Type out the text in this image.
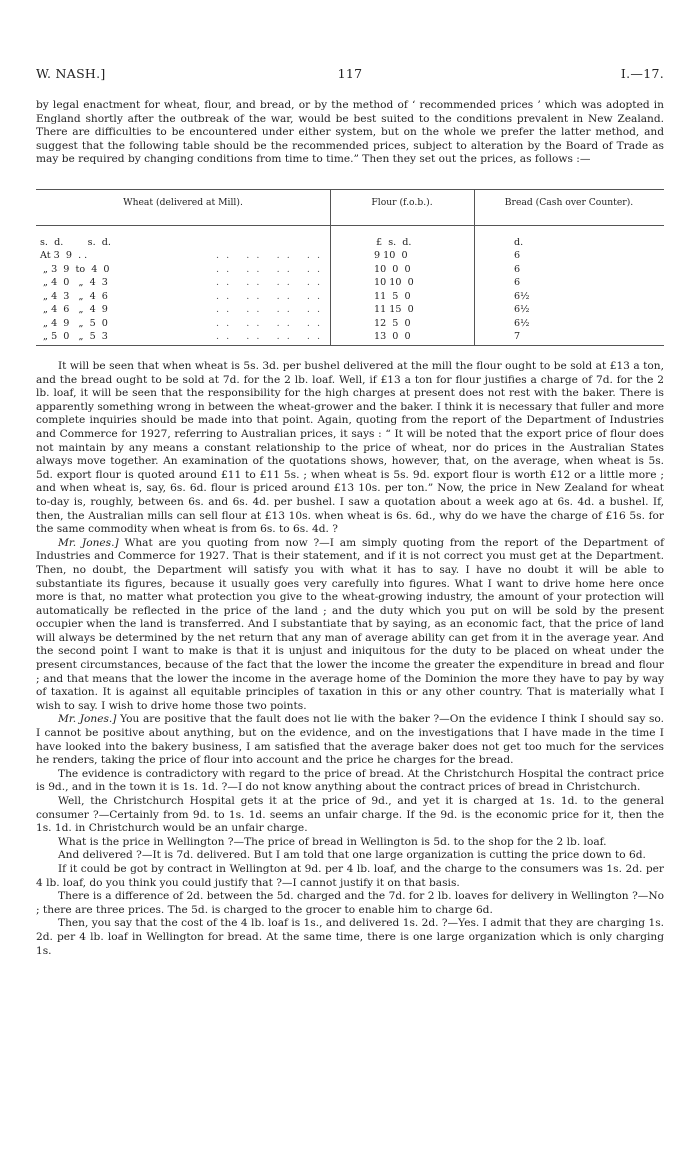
W. NASH.]	117	I.—17.
by legal enactment for wheat, flour, and bread, or by the method of ‘ recommended prices ’ which was adopted in England shortly after the outbreak of the war, would be best suited to the conditions prevalent in New Zealand. There are difficulties to be encountered under either system, but on the whole we prefer the latter method, and suggest that the following table should be the recommended prices, subject to alteration by the Board of Trade as may be required by changing conditions from time to time.” Then they set out the prices, as follows :—
Wheat (delivered at Mill).	Flour (f.o.b.).	Bread (Cash over Counter).
s.  d.        s.  d.	£  s.  d.	d.
At 3  9  . .	. .   . .   . .   . .	9 10  0	6
„ 3  9  to  4  0	. .   . .   . .   . .	10  0  0	6
„ 4  0   „  4  3	. .   . .   . .   . .	10 10  0	6
„ 4  3   „  4  6	. .   . .   . .   . .	11  5  0	6½
„ 4  6   „  4  9	. .   . .   . .   . .	11 15  0	6½
„ 4  9   „  5  0	. .   . .   . .   . .	12  5  0	6½
„ 5  0   „  5  3	. .   . .   . .   . .	13  0  0	7
It will be seen that when wheat is 5s. 3d. per bushel delivered at the mill the flour ought to be sold at £13 a ton, and the bread ought to be sold at 7d. for the 2 lb. loaf. Well, if £13 a ton for flour justifies a charge of 7d. for the 2 lb. loaf, it will be seen that the responsibility for the high charges at present does not rest with the baker. There is apparently something wrong in between the wheat-grower and the baker. I think it is necessary that fuller and more complete inquiries should be made into that point. Again, quoting from the report of the Department of Industries and Commerce for 1927, referring to Australian prices, it says : “ It will be noted that the export price of flour does not maintain by any means a constant relationship to the price of wheat, nor do prices in the Australian States always move together. An examination of the quotations shows, however, that, on the average, when wheat is 5s. 5d. export flour is quoted around £11 to £11 5s. ; when wheat is 5s. 9d. export flour is worth £12 or a little more ; and when wheat is, say, 6s. 6d. flour is priced around £13 10s. per ton.” Now, the price in New Zealand for wheat to-day is, roughly, between 6s. and 6s. 4d. per bushel. I saw a quotation about a week ago at 6s. 4d. a bushel. If, then, the Australian mills can sell flour at £13 10s. when wheat is 6s. 6d., why do we have the charge of £16 5s. for the same commodity when wheat is from 6s. to 6s. 4d. ?
Mr. Jones.] What are you quoting from now ?—I am simply quoting from the report of the Department of Industries and Commerce for 1927. That is their statement, and if it is not correct you must get at the Department. Then, no doubt, the Department will satisfy you with what it has to say. I have no doubt it will be able to substantiate its figures, because it usually goes very carefully into figures. What I want to drive home here once more is that, no matter what protection you give to the wheat-growing industry, the amount of your protection will automatically be reflected in the price of the land ; and the duty which you put on will be sold by the present occupier when the land is transferred. And I substantiate that by saying, as an economic fact, that the price of land will always be determined by the net return that any man of average ability can get from it in the average year. And the second point I want to make is that it is unjust and iniquitous for the duty to be placed on wheat under the present circumstances, because of the fact that the lower the income the greater the expenditure in bread and flour ; and that means that the lower the income in the average home of the Dominion the more they have to pay by way of taxation. It is against all equitable principles of taxation in this or any other country. That is materially what I wish to say. I wish to drive home those two points.
Mr. Jones.] You are positive that the fault does not lie with the baker ?—On the evidence I think I should say so. I cannot be positive about anything, but on the evidence, and on the investigations that I have made in the time I have looked into the bakery business, I am satisfied that the average baker does not get too much for the services he renders, taking the price of flour into account and the price he charges for the bread.
The evidence is contradictory with regard to the price of bread. At the Christchurch Hospital the contract price is 9d., and in the town it is 1s. 1d. ?—I do not know anything about the contract prices of bread in Christchurch.
Well, the Christchurch Hospital gets it at the price of 9d., and yet it is charged at 1s. 1d. to the general consumer ?—Certainly from 9d. to 1s. 1d. seems an unfair charge. If the 9d. is the economic price for it, then the 1s. 1d. in Christchurch would be an unfair charge.
What is the price in Wellington ?—The price of bread in Wellington is 5d. to the shop for the 2 lb. loaf.
And delivered ?—It is 7d. delivered. But I am told that one large organization is cutting the price down to 6d.
If it could be got by contract in Wellington at 9d. per 4 lb. loaf, and the charge to the consumers was 1s. 2d. per 4 lb. loaf, do you think you could justify that ?—I cannot justify it on that basis.
There is a difference of 2d. between the 5d. charged and the 7d. for 2 lb. loaves for delivery in Wellington ?—No ; there are three prices. The 5d. is charged to the grocer to enable him to charge 6d.
Then, you say that the cost of the 4 lb. loaf is 1s., and delivered 1s. 2d. ?—Yes. I admit that they are charging 1s. 2d. per 4 lb. loaf in Wellington for bread. At the same time, there is one large organization which is only charging 1s.
